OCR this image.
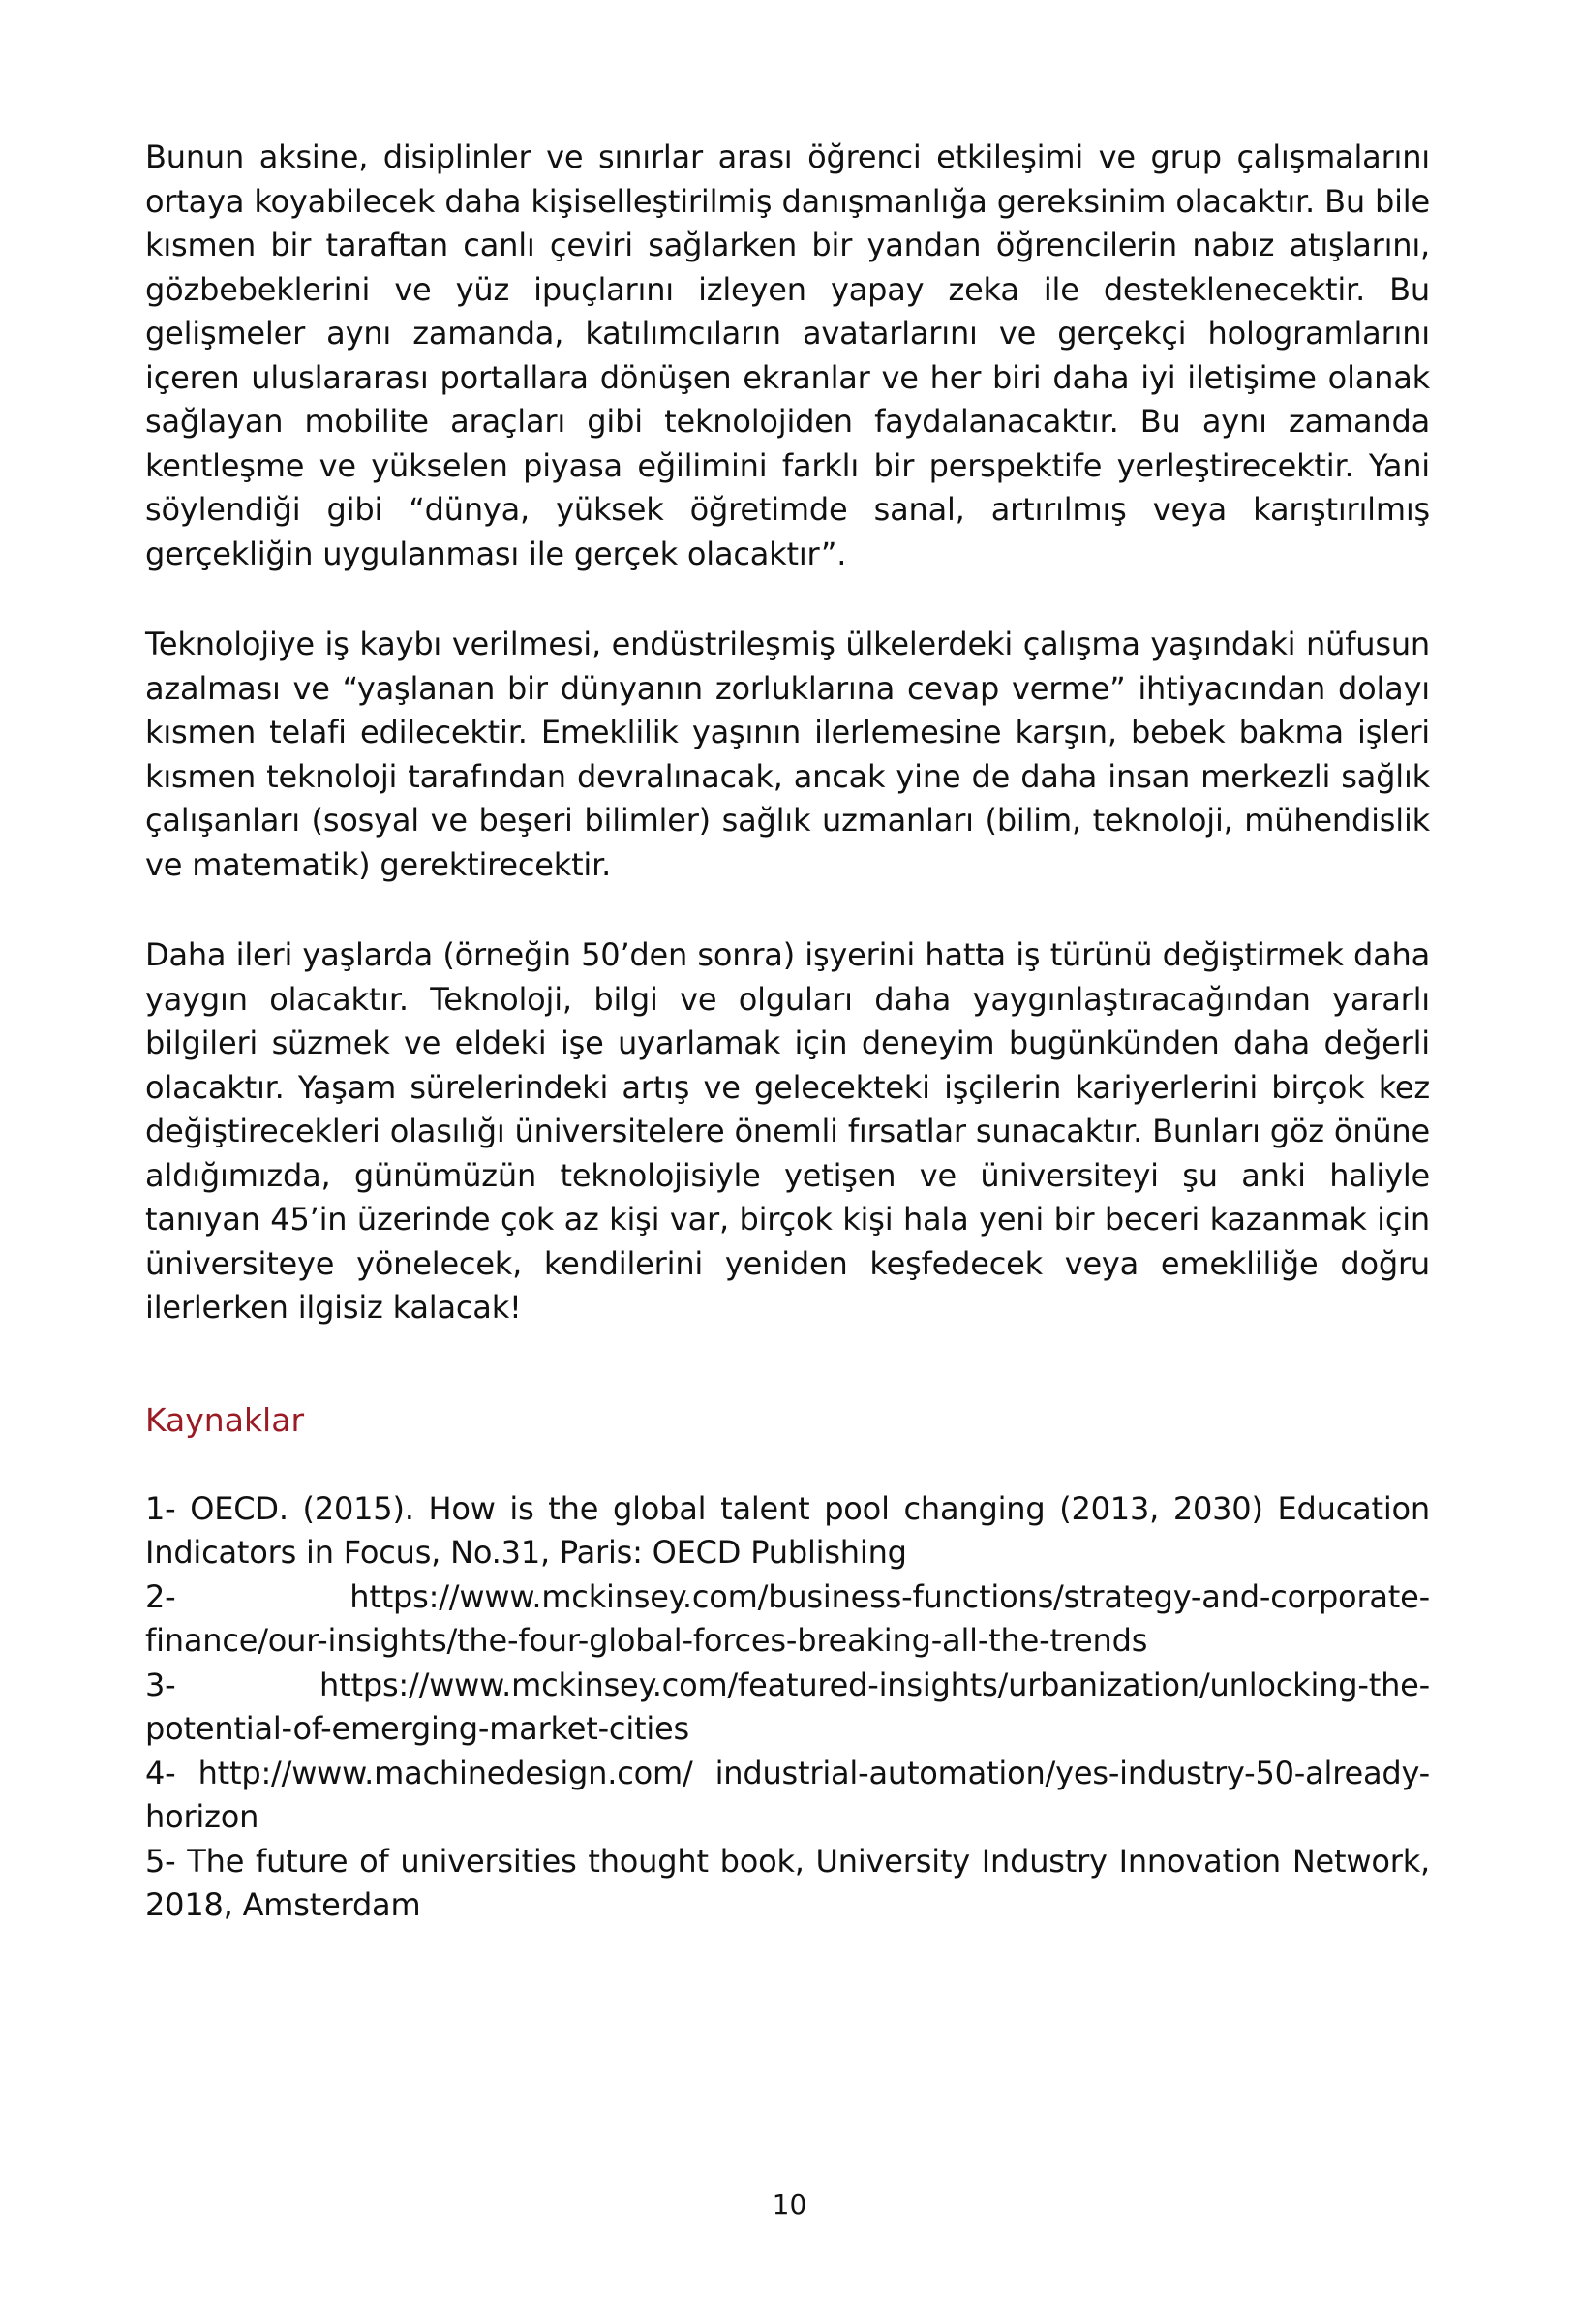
Bunun aksine, disiplinler ve sınırlar arası öğrenci etkileşimi ve grup çalışmalarını ortaya koyabilecek daha kişiselleştirilmiş danışmanlığa gereksinim olacaktır. Bu bile kısmen bir taraftan canlı çeviri sağlarken bir yandan öğrencilerin nabız atışlarını, gözbebeklerini ve yüz ipuçlarını izleyen yapay zeka ile desteklenecektir. Bu gelişmeler aynı zamanda, katılımcıların avatarlarını ve gerçekçi hologramlarını içeren uluslararası portallara dönüşen ekranlar ve her biri daha iyi iletişime olanak sağlayan mobilite araçları gibi teknolojiden faydalanacaktır. Bu aynı zamanda kentleşme ve yükselen piyasa eğilimini farklı bir perspektife yerleştirecektir. Yani söylendiği gibi “dünya, yüksek öğretimde sanal, artırılmış veya karıştırılmış gerçekliğin uygulanması ile gerçek olacaktır”.

Teknolojiye iş kaybı verilmesi, endüstrileşmiş ülkelerdeki çalışma yaşındaki nüfusun azalması ve “yaşlanan bir dünyanın zorluklarına cevap verme” ihtiyacından dolayı kısmen telafi edilecektir. Emeklilik yaşının ilerlemesine karşın, bebek bakma işleri kısmen teknoloji tarafından devralınacak, ancak yine de daha insan merkezli sağlık çalışanları (sosyal ve beşeri bilimler) sağlık uzmanları (bilim, teknoloji, mühendislik ve matematik) gerektirecektir.

Daha ileri yaşlarda (örneğin 50’den sonra) işyerini hatta iş türünü değiştirmek daha yaygın olacaktır. Teknoloji, bilgi ve olguları daha yaygınlaştıracağından yararlı bilgileri süzmek ve eldeki işe uyarlamak için deneyim bugünkünden daha değerli olacaktır. Yaşam sürelerindeki artış ve gelecekteki işçilerin kariyerlerini birçok kez değiştirecekleri olasılığı üniversitelere önemli fırsatlar sunacaktır. Bunları göz önüne aldığımızda, günümüzün teknolojisiyle yetişen ve üniversiteyi şu anki haliyle tanıyan 45’in üzerinde çok az kişi var, birçok kişi hala yeni bir beceri kazanmak için üniversiteye yönelecek, kendilerini yeniden keşfedecek veya emekliliğe doğru ilerlerken ilgisiz kalacak!

Kaynaklar

1- OECD. (2015). How is the global talent pool changing (2013, 2030) Education Indicators in Focus, No.31, Paris: OECD Publishing

2- https://www.mckinsey.com/business-functions/strategy-and-corporate-finance/our-insights/the-four-global-forces-breaking-all-the-trends

3- https://www.mckinsey.com/featured-insights/urbanization/unlocking-the-potential-of-emerging-market-cities

4- http://www.machinedesign.com/ industrial-automation/yes-industry-50-already-horizon

5- The future of universities thought book, University Industry Innovation Network, 2018, Amsterdam

10
